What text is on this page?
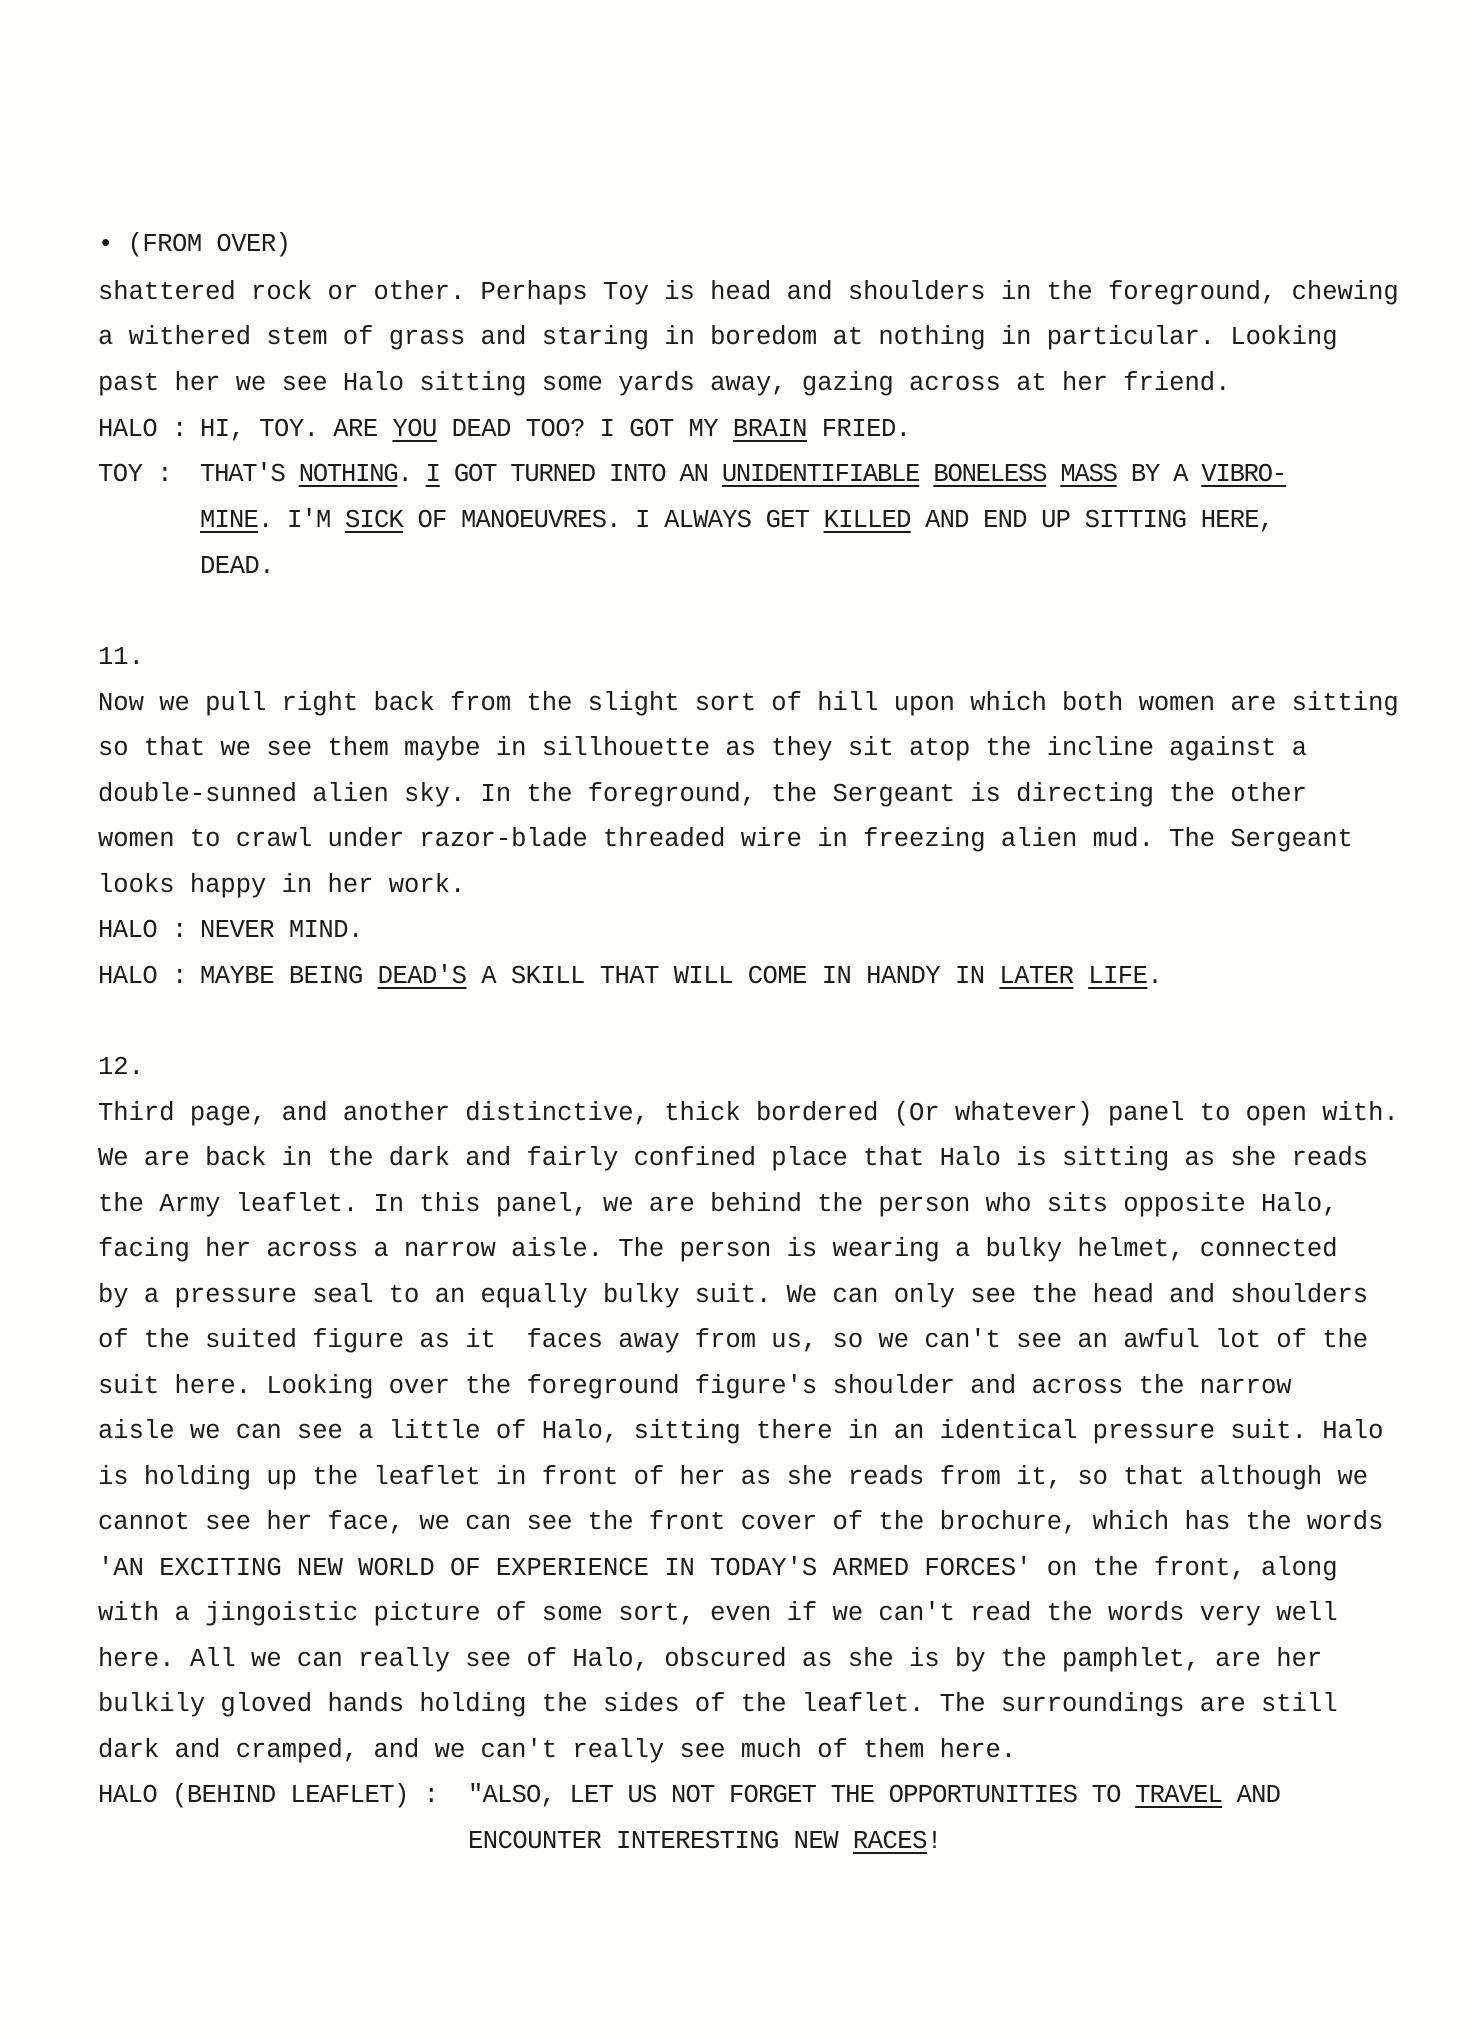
• (FROM OVER)
shattered rock or other. Perhaps Toy is head and shoulders in the foreground, chewing
a withered stem of grass and staring in boredom at nothing in particular. Looking
past her we see Halo sitting some yards away, gazing across at her friend.
HALO : HI, TOY. ARE YOU DEAD TOO? I GOT MY BRAIN FRIED.
TOY : THAT'S NOTHING. I GOT TURNED INTO AN UNIDENTIFIABLE BONELESS MASS BY A VIBRO-
MINE. I'M SICK OF MANOEUVRES. I ALWAYS GET KILLED AND END UP SITTING HERE,
DEAD.
11.
Now we pull right back from the slight sort of hill upon which both women are sitting
so that we see them maybe in sillhouette as they sit atop the incline against a
double-sunned alien sky. In the foreground, the Sergeant is directing the other
women to crawl under razor-blade threaded wire in freezing alien mud. The Sergeant
looks happy in her work.
HALO : NEVER MIND.
HALO : MAYBE BEING DEAD'S A SKILL THAT WILL COME IN HANDY IN LATER LIFE.
12.
Third page, and another distinctive, thick bordered (Or whatever) panel to open with.
We are back in the dark and fairly confined place that Halo is sitting as she reads
the Army leaflet. In this panel, we are behind the person who sits opposite Halo,
facing her across a narrow aisle. The person is wearing a bulky helmet, connected
by a pressure seal to an equally bulky suit. We can only see the head and shoulders
of the suited figure as it  faces away from us, so we can't see an awful lot of the
suit here. Looking over the foreground figure's shoulder and across the narrow
aisle we can see a little of Halo, sitting there in an identical pressure suit. Halo
is holding up the leaflet in front of her as she reads from it, so that although we
cannot see her face, we can see the front cover of the brochure, which has the words
'AN EXCITING NEW WORLD OF EXPERIENCE IN TODAY'S ARMED FORCES' on the front, along
with a jingoistic picture of some sort, even if we can't read the words very well
here. All we can really see of Halo, obscured as she is by the pamphlet, are her
bulkily gloved hands holding the sides of the leaflet. The surroundings are still
dark and cramped, and we can't really see much of them here.
HALO (BEHIND LEAFLET) : "ALSO, LET US NOT FORGET THE OPPORTUNITIES TO TRAVEL AND
ENCOUNTER INTERESTING NEW RACES!
